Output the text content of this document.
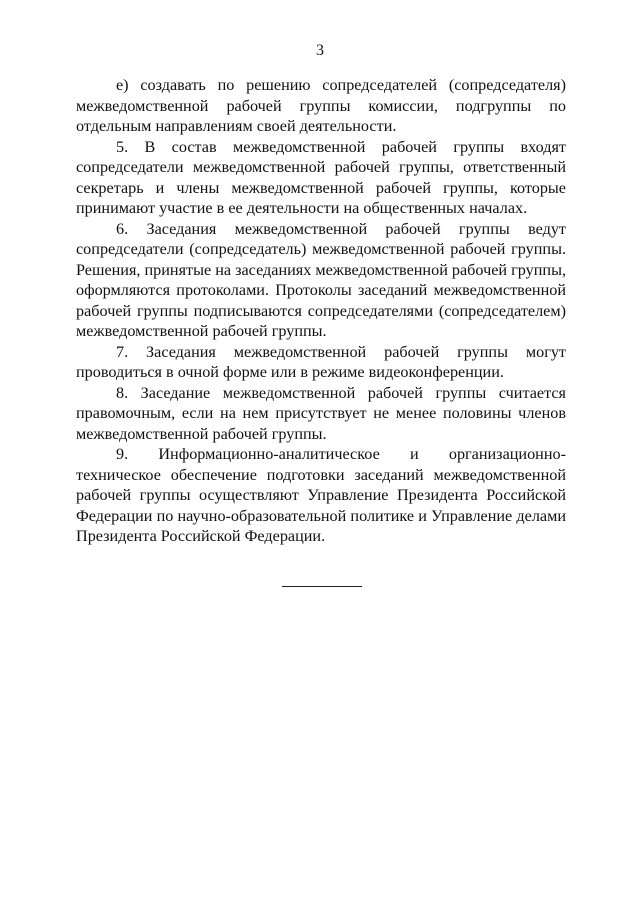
3

е) создавать по решению сопредседателей (сопредседателя) межведомственной рабочей группы комиссии, подгруппы по отдельным направлениям своей деятельности.

5. В состав межведомственной рабочей группы входят сопредседатели межведомственной рабочей группы, ответственный секретарь и члены межведомственной рабочей группы, которые принимают участие в ее деятельности на общественных началах.

6. Заседания межведомственной рабочей группы ведут сопредседатели (сопредседатель) межведомственной рабочей группы. Решения, принятые на заседаниях межведомственной рабочей группы, оформляются протоколами. Протоколы заседаний межведомственной рабочей группы подписываются сопредседателями (сопредседателем) межведомственной рабочей группы.

7. Заседания межведомственной рабочей группы могут проводиться в очной форме или в режиме видеоконференции.

8. Заседание межведомственной рабочей группы считается правомочным, если на нем присутствует не менее половины членов межведомственной рабочей группы.

9. Информационно-аналитическое и организационно-техническое обеспечение подготовки заседаний межведомственной рабочей группы осуществляют Управление Президента Российской Федерации по научно-образовательной политике и Управление делами Президента Российской Федерации.
